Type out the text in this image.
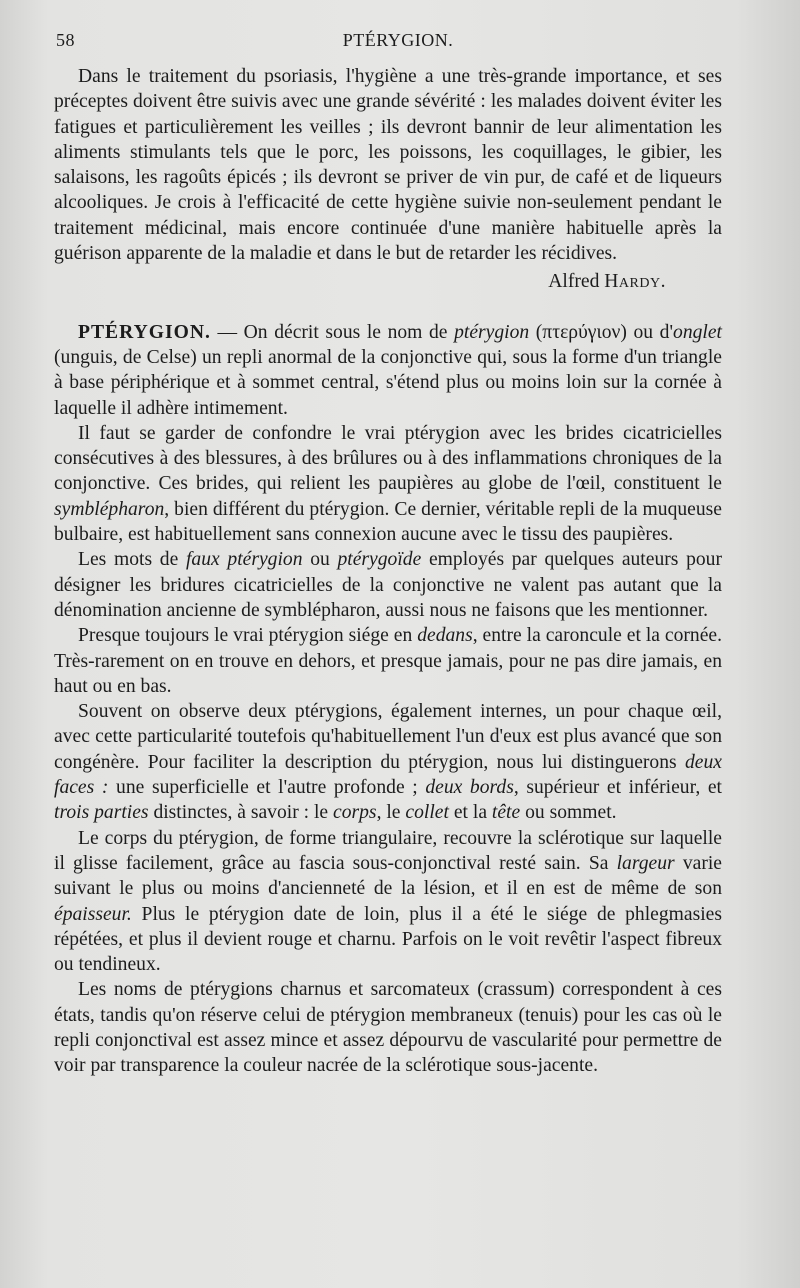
58	PTÉRYGION.

Dans le traitement du psoriasis, l'hygiène a une très-grande importance, et ses préceptes doivent être suivis avec une grande sévérité : les malades doivent éviter les fatigues et particulièrement les veilles ; ils devront bannir de leur alimentation les aliments stimulants tels que le porc, les poissons, les coquillages, le gibier, les salaisons, les ragoûts épicés ; ils devront se priver de vin pur, de café et de liqueurs alcooliques. Je crois à l'efficacité de cette hygiène suivie non-seulement pendant le traitement médicinal, mais encore continuée d'une manière habituelle après la guérison apparente de la maladie et dans le but de retarder les récidives.

Alfred Hardy.

PTÉRYGION. — On décrit sous le nom de ptérygion (πτερύγιον) ou d'onglet (unguis, de Celse) un repli anormal de la conjonctive qui, sous la forme d'un triangle à base périphérique et à sommet central, s'étend plus ou moins loin sur la cornée à laquelle il adhère intimement.

Il faut se garder de confondre le vrai ptérygion avec les brides cicatricielles consécutives à des blessures, à des brûlures ou à des inflammations chroniques de la conjonctive. Ces brides, qui relient les paupières au globe de l'œil, constituent le symblépharon, bien différent du ptérygion. Ce dernier, véritable repli de la muqueuse bulbaire, est habituellement sans connexion aucune avec le tissu des paupières.

Les mots de faux ptérygion ou ptérygoïde employés par quelques auteurs pour désigner les bridures cicatricielles de la conjonctive ne valent pas autant que la dénomination ancienne de symblépharon, aussi nous ne faisons que les mentionner.

Presque toujours le vrai ptérygion siége en dedans, entre la caroncule et la cornée. Très-rarement on en trouve en dehors, et presque jamais, pour ne pas dire jamais, en haut ou en bas.

Souvent on observe deux ptérygions, également internes, un pour chaque œil, avec cette particularité toutefois qu'habituellement l'un d'eux est plus avancé que son congénère. Pour faciliter la description du ptérygion, nous lui distinguerons deux faces : une superficielle et l'autre profonde ; deux bords, supérieur et inférieur, et trois parties distinctes, à savoir : le corps, le collet et la tête ou sommet.

Le corps du ptérygion, de forme triangulaire, recouvre la sclérotique sur laquelle il glisse facilement, grâce au fascia sous-conjonctival resté sain. Sa largeur varie suivant le plus ou moins d'ancienneté de la lésion, et il en est de même de son épaisseur. Plus le ptérygion date de loin, plus il a été le siége de phlegmasies répétées, et plus il devient rouge et charnu. Parfois on le voit revêtir l'aspect fibreux ou tendineux.

Les noms de ptérygions charnus et sarcomateux (crassum) correspondent à ces états, tandis qu'on réserve celui de ptérygion membraneux (tenuis) pour les cas où le repli conjonctival est assez mince et assez dépourvu de vascularité pour permettre de voir par transparence la couleur nacrée de la sclérotique sous-jacente.
